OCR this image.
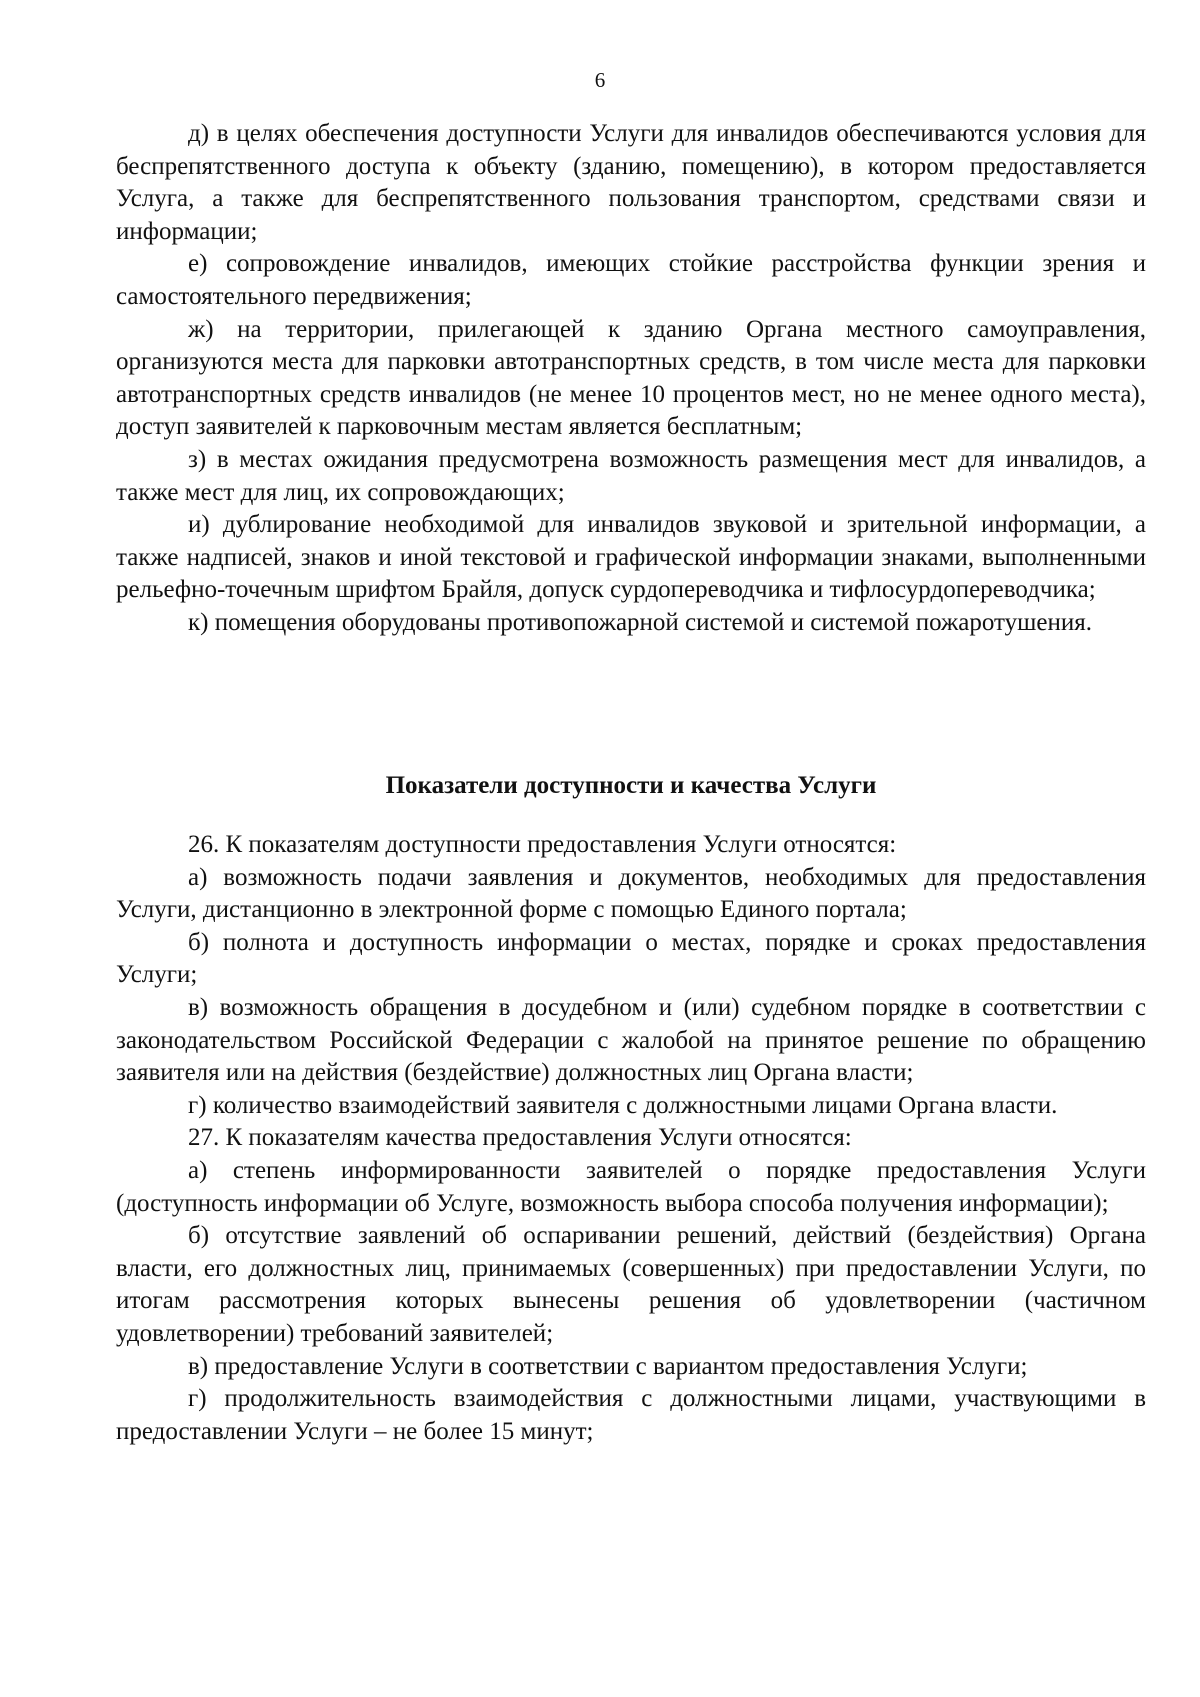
6

д) в целях обеспечения доступности Услуги для инвалидов обеспечиваются условия для беспрепятственного доступа к объекту (зданию, помещению), в котором предоставляется Услуга, а также для беспрепятственного пользования транспортом, средствами связи и информации;

е) сопровождение инвалидов, имеющих стойкие расстройства функции зрения и самостоятельного передвижения;

ж) на территории, прилегающей к зданию Органа местного самоуправления, организуются места для парковки автотранспортных средств, в том числе места для парковки автотранспортных средств инвалидов (не менее 10 процентов мест, но не менее одного места), доступ заявителей к парковочным местам является бесплатным;

з) в местах ожидания предусмотрена возможность размещения мест для инвалидов, а также мест для лиц, их сопровождающих;

и) дублирование необходимой для инвалидов звуковой и зрительной информации, а также надписей, знаков и иной текстовой и графической информации знаками, выполненными рельефно-точечным шрифтом Брайля, допуск сурдопереводчика и тифлосурдопереводчика;

к) помещения оборудованы противопожарной системой и системой пожаротушения.

Показатели доступности и качества Услуги

26. К показателям доступности предоставления Услуги относятся:

а) возможность подачи заявления и документов, необходимых для предоставления Услуги, дистанционно в электронной форме с помощью Единого портала;

б) полнота и доступность информации о местах, порядке и сроках предоставления Услуги;

в) возможность обращения в досудебном и (или) судебном порядке в соответствии с законодательством Российской Федерации с жалобой на принятое решение по обращению заявителя или на действия (бездействие) должностных лиц Органа власти;

г) количество взаимодействий заявителя с должностными лицами Органа власти.

27. К показателям качества предоставления Услуги относятся:

а) степень информированности заявителей о порядке предоставления Услуги (доступность информации об Услуге, возможность выбора способа получения информации);

б) отсутствие заявлений об оспаривании решений, действий (бездействия) Органа власти, его должностных лиц, принимаемых (совершенных) при предоставлении Услуги, по итогам рассмотрения которых вынесены решения об удовлетворении (частичном удовлетворении) требований заявителей;

в) предоставление Услуги в соответствии с вариантом предоставления Услуги;

г) продолжительность взаимодействия с должностными лицами, участвующими в предоставлении Услуги – не более 15 минут;
